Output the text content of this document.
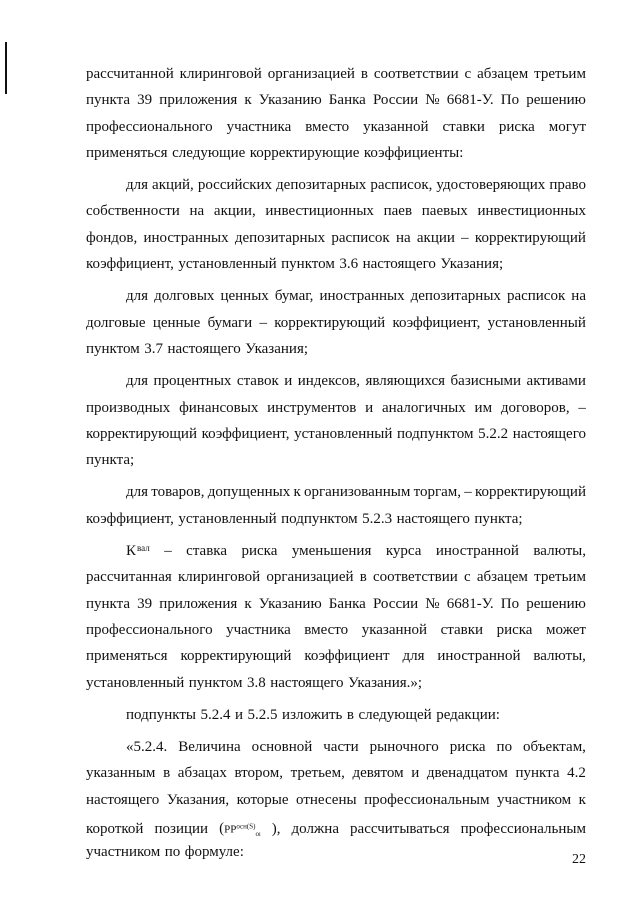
рассчитанной клиринговой организацией в соответствии с абзацем третьим
пункта 39 приложения к Указанию Банка России № 6681-У. По решению
профессионального участника вместо указанной ставки риска могут
применяться следующие корректирующие коэффициенты:
для акций, российских депозитарных расписок, удостоверяющих право
собственности на акции, инвестиционных паев паевых инвестиционных
фондов, иностранных депозитарных расписок на акции – корректирующий
коэффициент, установленный пунктом 3.6 настоящего Указания;
для долговых ценных бумаг, иностранных депозитарных расписок на
долговые ценные бумаги – корректирующий коэффициент, установленный
пунктом 3.7 настоящего Указания;
для процентных ставок и индексов, являющихся базисными активами
производных финансовых инструментов и аналогичных им договоров, –
корректирующий коэффициент, установленный подпунктом 5.2.2 настоящего
пункта;
для товаров, допущенных к организованным торгам, – корректирующий
коэффициент, установленный подпунктом 5.2.3 настоящего пункта;
$К^{вал}$ – ставка риска уменьшения курса иностранной валюты,
рассчитанная клиринговой организацией в соответствии с абзацем третьим
пункта 39 приложения к Указанию Банка России № 6681-У. По решению
профессионального участника вместо указанной ставки риска может
применяться корректирующий коэффициент для иностранной валюты,
установленный пунктом 3.8 настоящего Указания.»;
подпункты 5.2.4 и 5.2.5 изложить в следующей редакции:
«5.2.4. Величина основной части рыночного риска по объектам,
указанным в абзацах втором, третьем, девятом и двенадцатом пункта 4.2
настоящего Указания, которые отнесены профессиональным участником к
короткой позиции ($РР^{осн(S)}_{oi}$ ), должна рассчитываться профессиональным
участником по формуле:	22
